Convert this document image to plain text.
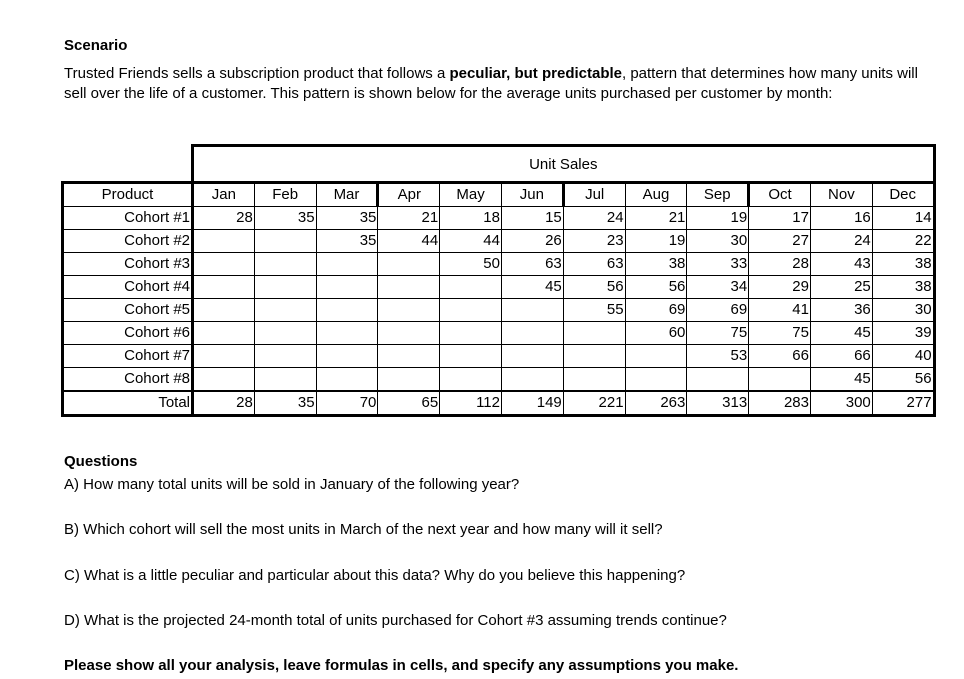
Scenario
Trusted Friends sells a subscription product that follows a peculiar, but predictable, pattern that determines how many units will sell over the life of a customer. This pattern is shown below for the average units purchased per customer by month:
	Unit Sales											
Product	Jan	Feb	Mar	Apr	May	Jun	Jul	Aug	Sep	Oct	Nov	Dec
Cohort #1	28	35	35	21	18	15	24	21	19	17	16	14
Cohort #2			35	44	44	26	23	19	30	27	24	22
Cohort #3					50	63	63	38	33	28	43	38
Cohort #4						45	56	56	34	29	25	38
Cohort #5							55	69	69	41	36	30
Cohort #6								60	75	75	45	39
Cohort #7									53	66	66	40
Cohort #8											45	56
Total	28	35	70	65	112	149	221	263	313	283	300	277
Questions
A) How many total units will be sold in January of the following year?
B) Which cohort will sell the most units in March of the next year and how many will it sell?
C) What is a little peculiar and particular about this data? Why do you believe this happening?
D) What is the projected 24-month total of units purchased for Cohort #3 assuming trends continue?
Please show all your analysis, leave formulas in cells, and specify any assumptions you make.
